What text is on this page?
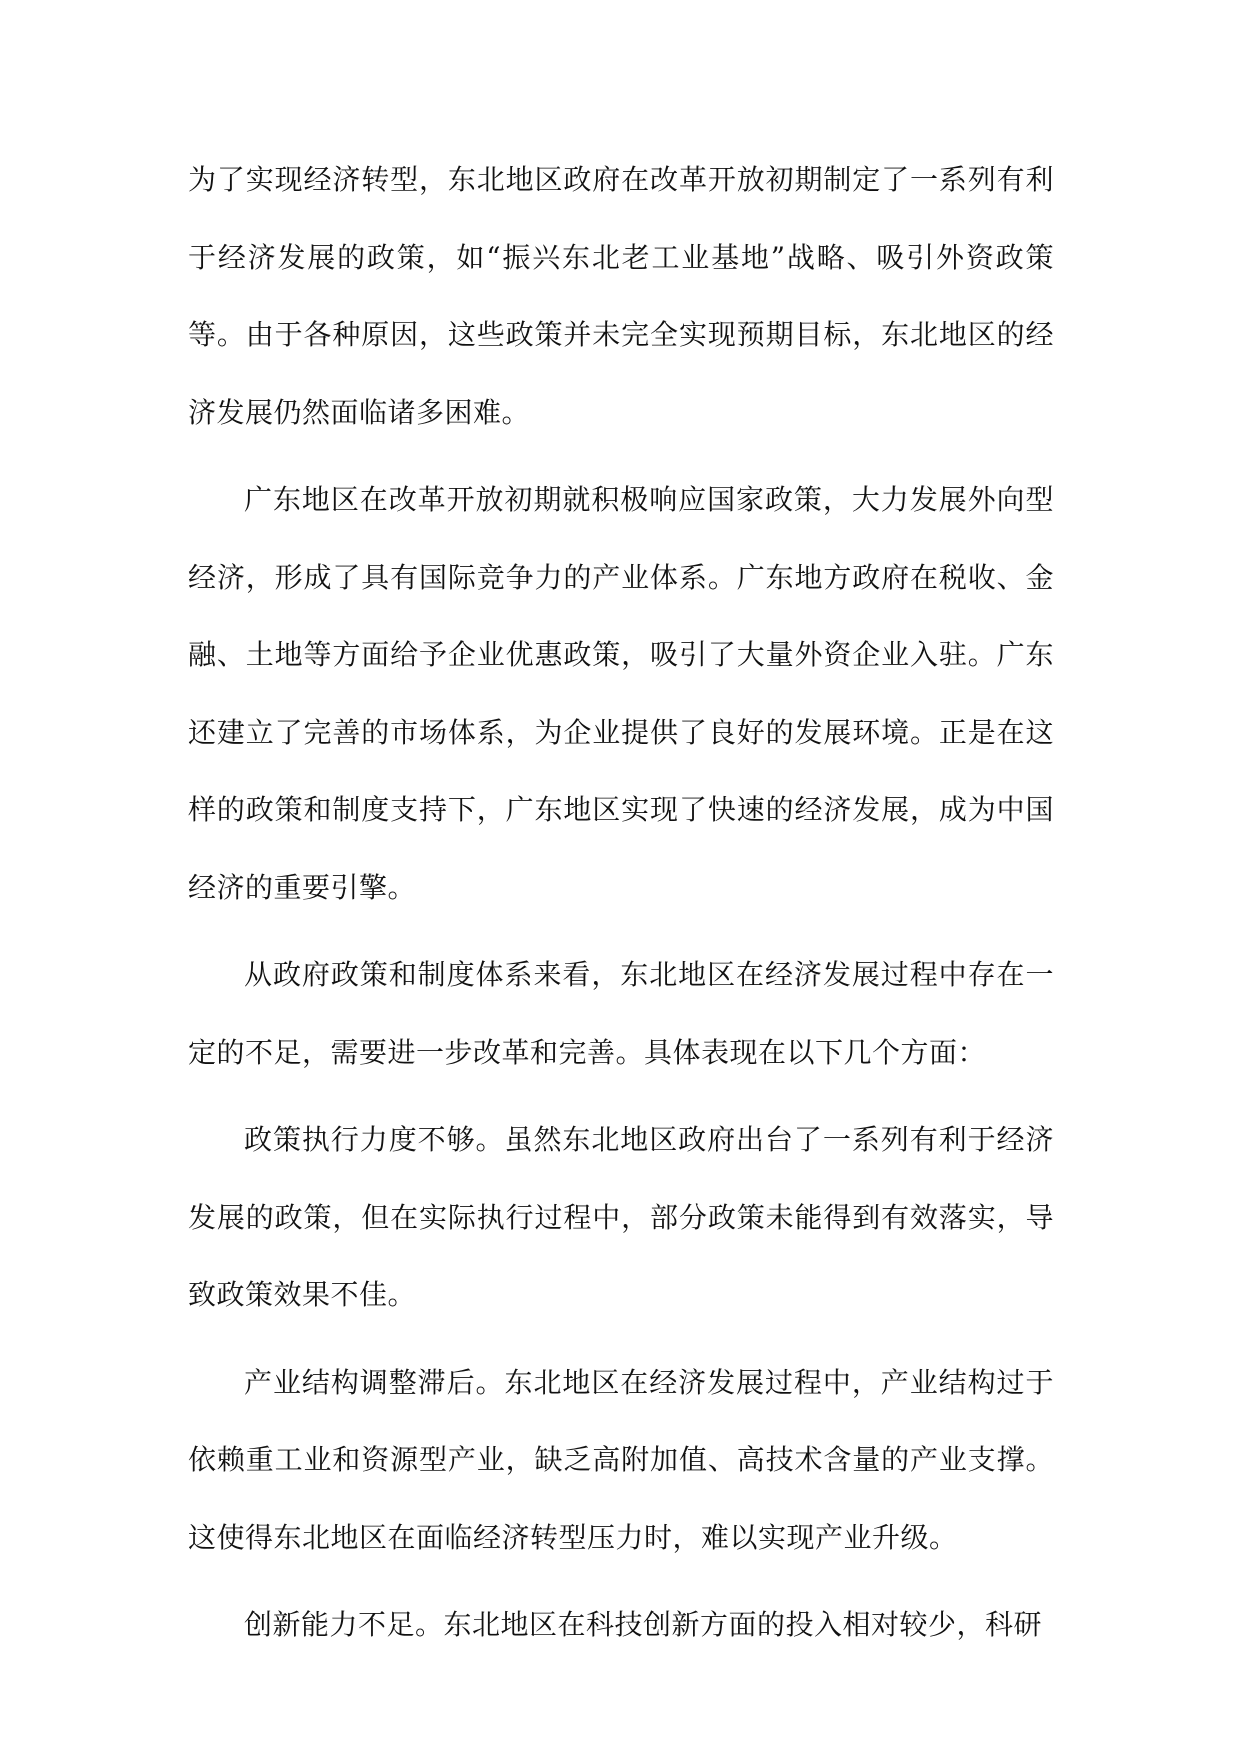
为了实现经济转型，东北地区政府在改革开放初期制定了一系列有利于经济发展的政策，如“振兴东北老工业基地”战略、吸引外资政策等。由于各种原因，这些政策并未完全实现预期目标，东北地区的经济发展仍然面临诸多困难。

广东地区在改革开放初期就积极响应国家政策，大力发展外向型经济，形成了具有国际竞争力的产业体系。广东地方政府在税收、金融、土地等方面给予企业优惠政策，吸引了大量外资企业入驻。广东还建立了完善的市场体系，为企业提供了良好的发展环境。正是在这样的政策和制度支持下，广东地区实现了快速的经济发展，成为中国经济的重要引擎。

从政府政策和制度体系来看，东北地区在经济发展过程中存在一定的不足，需要进一步改革和完善。具体表现在以下几个方面：

政策执行力度不够。虽然东北地区政府出台了一系列有利于经济发展的政策，但在实际执行过程中，部分政策未能得到有效落实，导致政策效果不佳。

产业结构调整滞后。东北地区在经济发展过程中，产业结构过于依赖重工业和资源型产业，缺乏高附加值、高技术含量的产业支撑。这使得东北地区在面临经济转型压力时，难以实现产业升级。

创新能力不足。东北地区在科技创新方面的投入相对较少，科研
